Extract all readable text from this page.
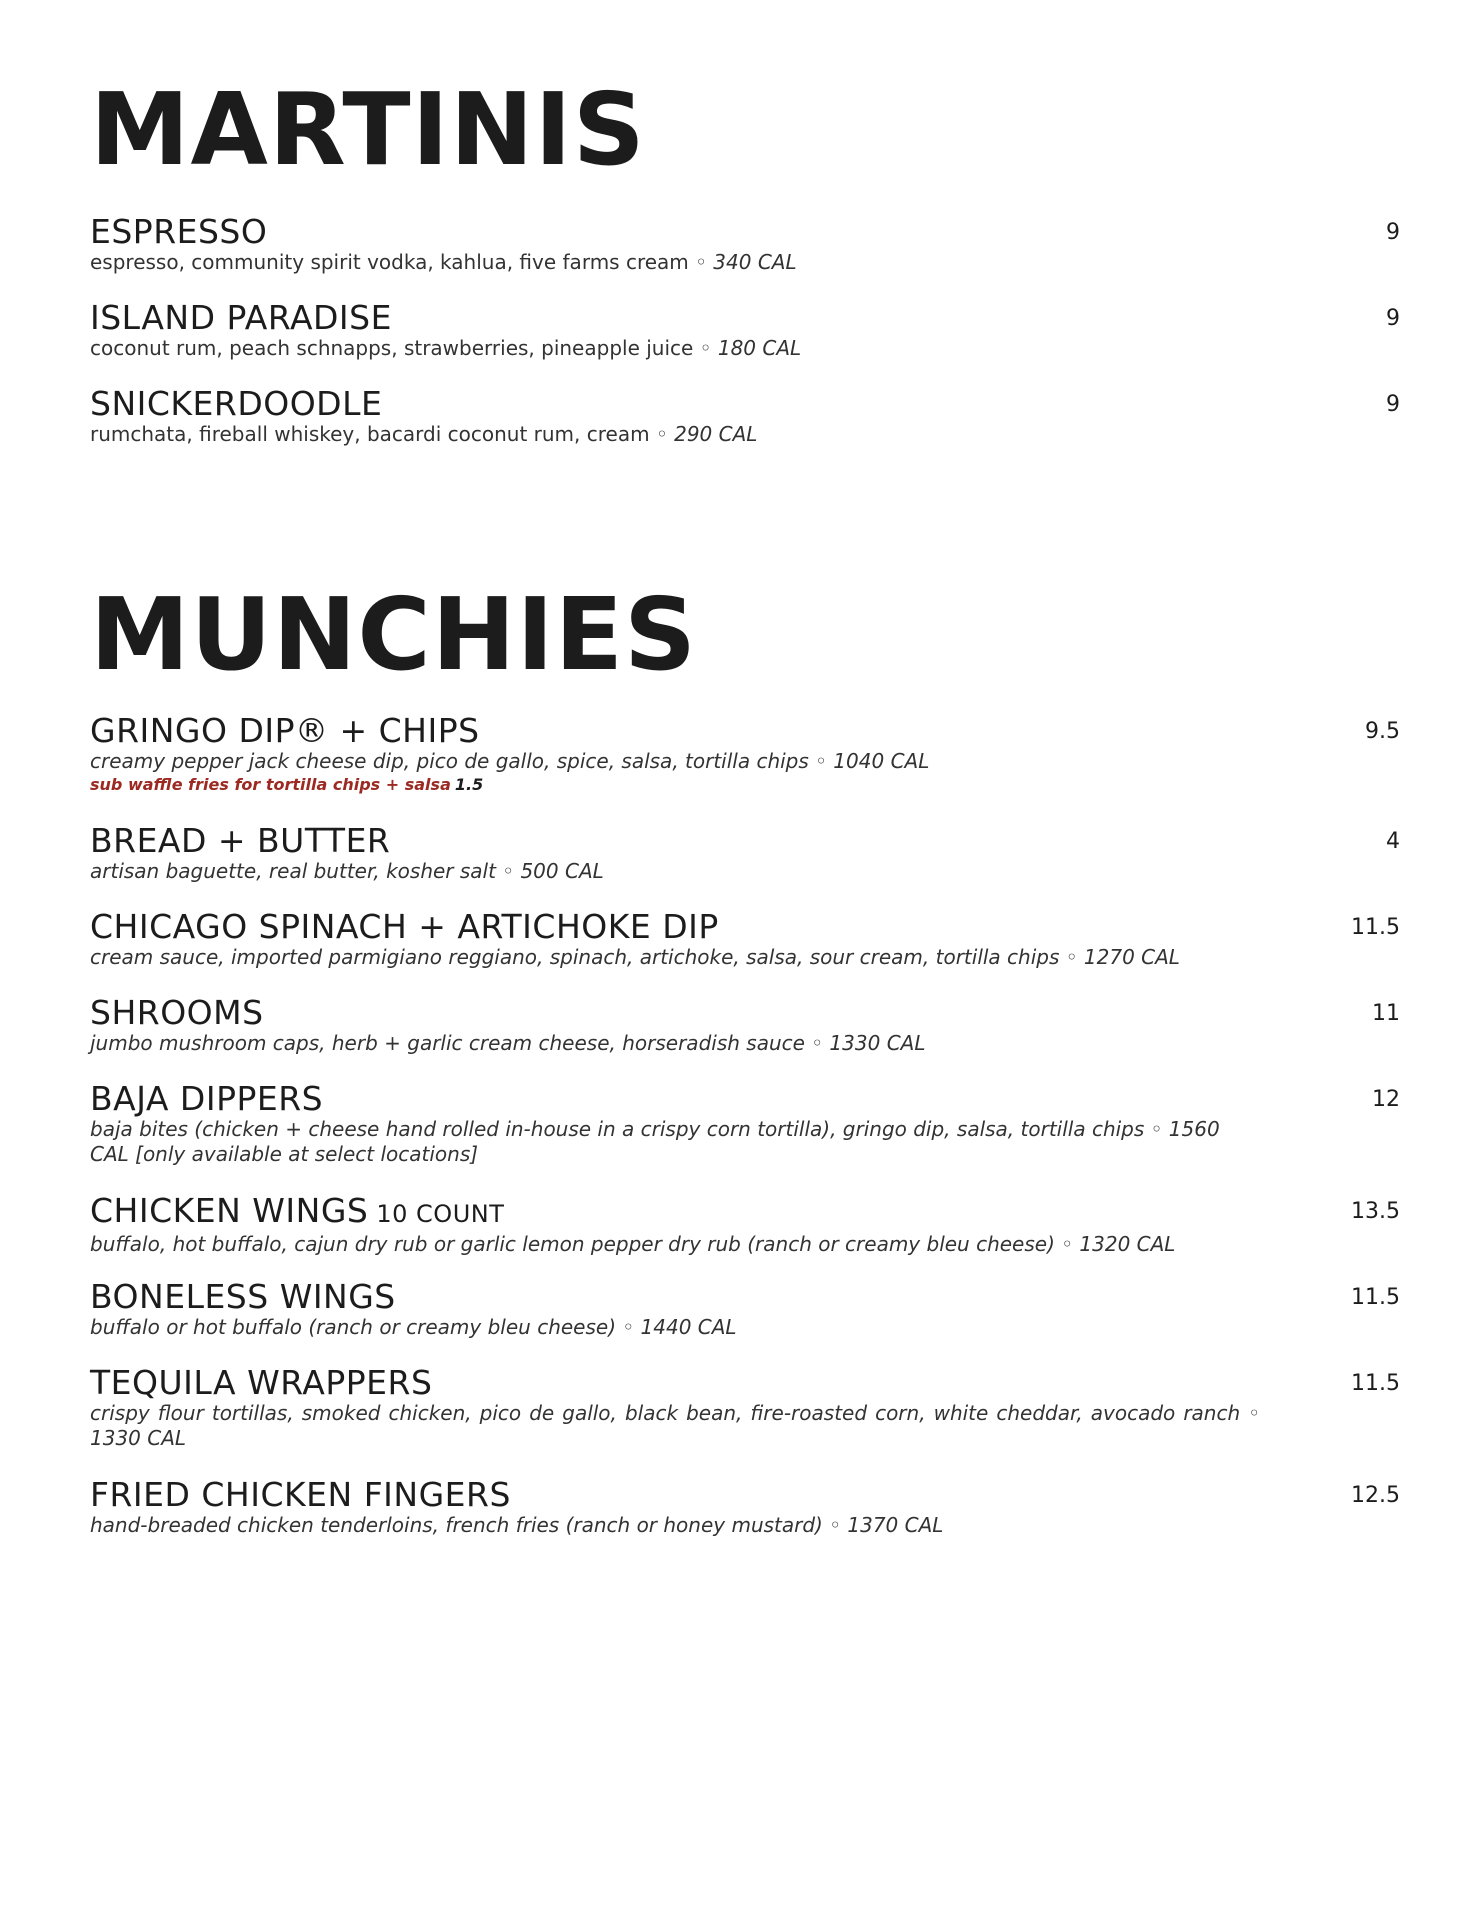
MARTINIS
ESPRESSO	9
espresso, community spirit vodka, kahlua, five farms cream ◦ 340 CAL
ISLAND PARADISE	9
coconut rum, peach schnapps, strawberries, pineapple juice ◦ 180 CAL
SNICKERDOODLE	9
rumchata, fireball whiskey, bacardi coconut rum, cream ◦ 290 CAL
MUNCHIES
GRINGO DIP® + CHIPS	9.5
creamy pepper jack cheese dip, pico de gallo, spice, salsa, tortilla chips ◦ 1040 CAL
sub waffle fries for tortilla chips + salsa 1.5
BREAD + BUTTER	4
artisan baguette, real butter, kosher salt ◦ 500 CAL
CHICAGO SPINACH + ARTICHOKE DIP	11.5
cream sauce, imported parmigiano reggiano, spinach, artichoke, salsa, sour cream, tortilla chips ◦ 1270 CAL
SHROOMS	11
jumbo mushroom caps, herb + garlic cream cheese, horseradish sauce ◦ 1330 CAL
BAJA DIPPERS	12
baja bites (chicken + cheese hand rolled in-house in a crispy corn tortilla), gringo dip, salsa, tortilla chips ◦ 1560 CAL [only available at select locations]
CHICKEN WINGS 10 COUNT	13.5
buffalo, hot buffalo, cajun dry rub or garlic lemon pepper dry rub (ranch or creamy bleu cheese) ◦ 1320 CAL
BONELESS WINGS	11.5
buffalo or hot buffalo (ranch or creamy bleu cheese) ◦ 1440 CAL
TEQUILA WRAPPERS	11.5
crispy flour tortillas, smoked chicken, pico de gallo, black bean, fire-roasted corn, white cheddar, avocado ranch ◦ 1330 CAL
FRIED CHICKEN FINGERS	12.5
hand-breaded chicken tenderloins, french fries (ranch or honey mustard) ◦ 1370 CAL
